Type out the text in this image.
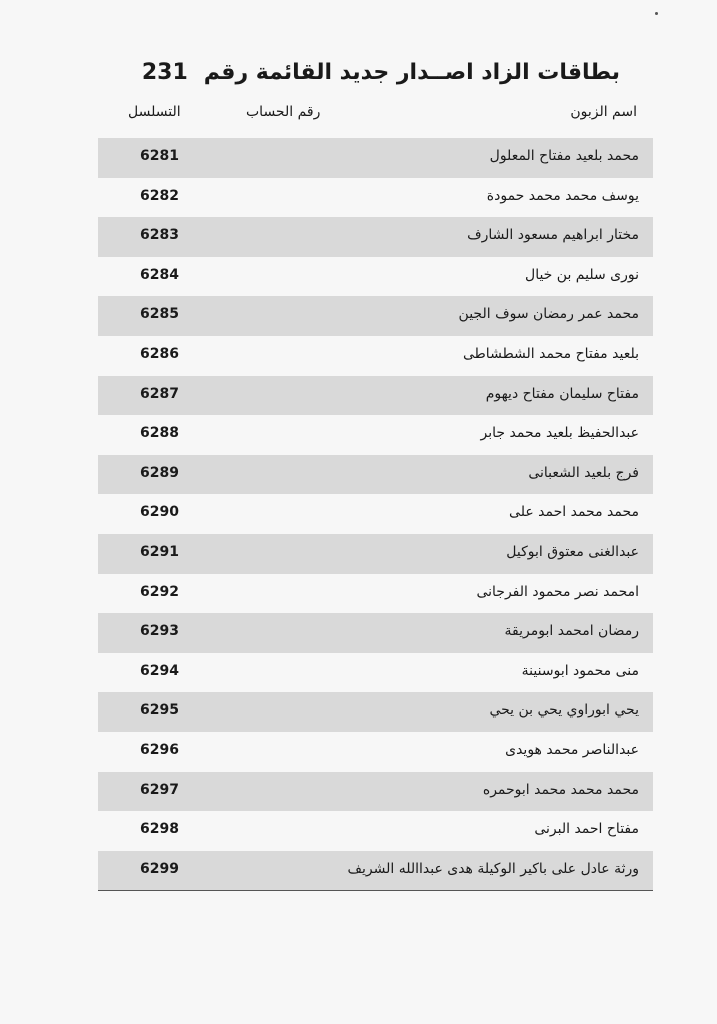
بطاقات الزاد اصــدار جديد القائمة رقم231
اسم الزبون
رقم الحساب
التسلسل
محمد بلعيد مفتاح المعلول
6281
يوسف محمد محمد حمودة
6282
مختار ابراهيم مسعود الشارف
6283
نورى سليم بن خيال
6284
محمد عمر رمضان سوف الجين
6285
بلعيد مفتاح محمد الشطشاطى
6286
مفتاح سليمان مفتاح ديهوم
6287
عبدالحفيظ بلعيد محمد جابر
6288
فرج بلعيد الشعبانى
6289
محمد محمد احمد على
6290
عبدالغنى معتوق ابوكيل
6291
امحمد نصر محمود الفرجانى
6292
رمضان امحمد ابومريقة
6293
منى محمود ابوسنينة
6294
يحي ابوراوي يحي بن يحي
6295
عبدالناصر محمد هويدى
6296
محمد محمد محمد ابوحمره
6297
مفتاح احمد البرنى
6298
ورثة عادل على باكير الوكيلة هدى عبداالله الشريف
6299
